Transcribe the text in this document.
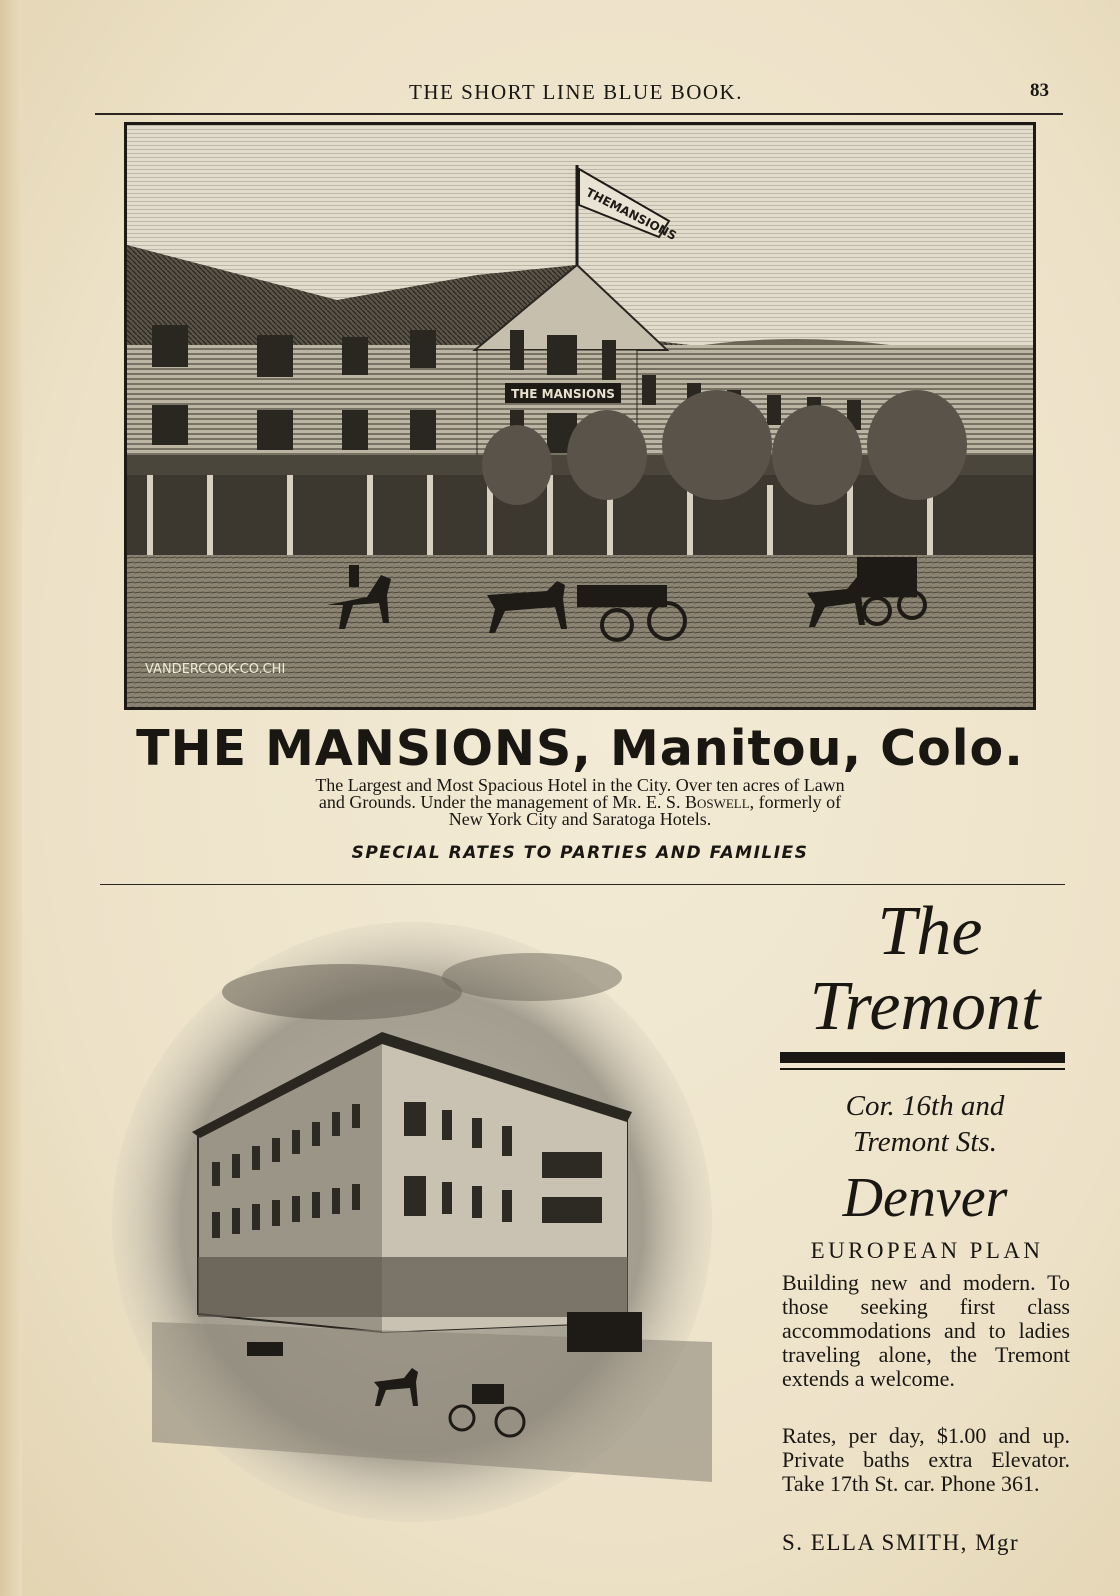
THE SHORT LINE BLUE BOOK.	83
THE MANSIONS
THEMANSIONS
VANDERCOOK-CO.CHI
THE MANSIONS, Manitou, Colo.
The Largest and Most Spacious Hotel in the City. Over ten acres of Lawn
and Grounds. Under the management of Mr. E. S. Boswell, formerly of
New York City and Saratoga Hotels.
SPECIAL RATES TO PARTIES AND FAMILIES
The
Tremont
Cor. 16th and
Tremont Sts.
Denver
EUROPEAN PLAN
Building new and modern. To those seeking first class accommodations and to ladies traveling alone, the Tremont extends a welcome.
Rates, per day, $1.00 and up. Private baths extra Elevator. Take 17th St. car. Phone 361.
S. ELLA SMITH, Mgr
